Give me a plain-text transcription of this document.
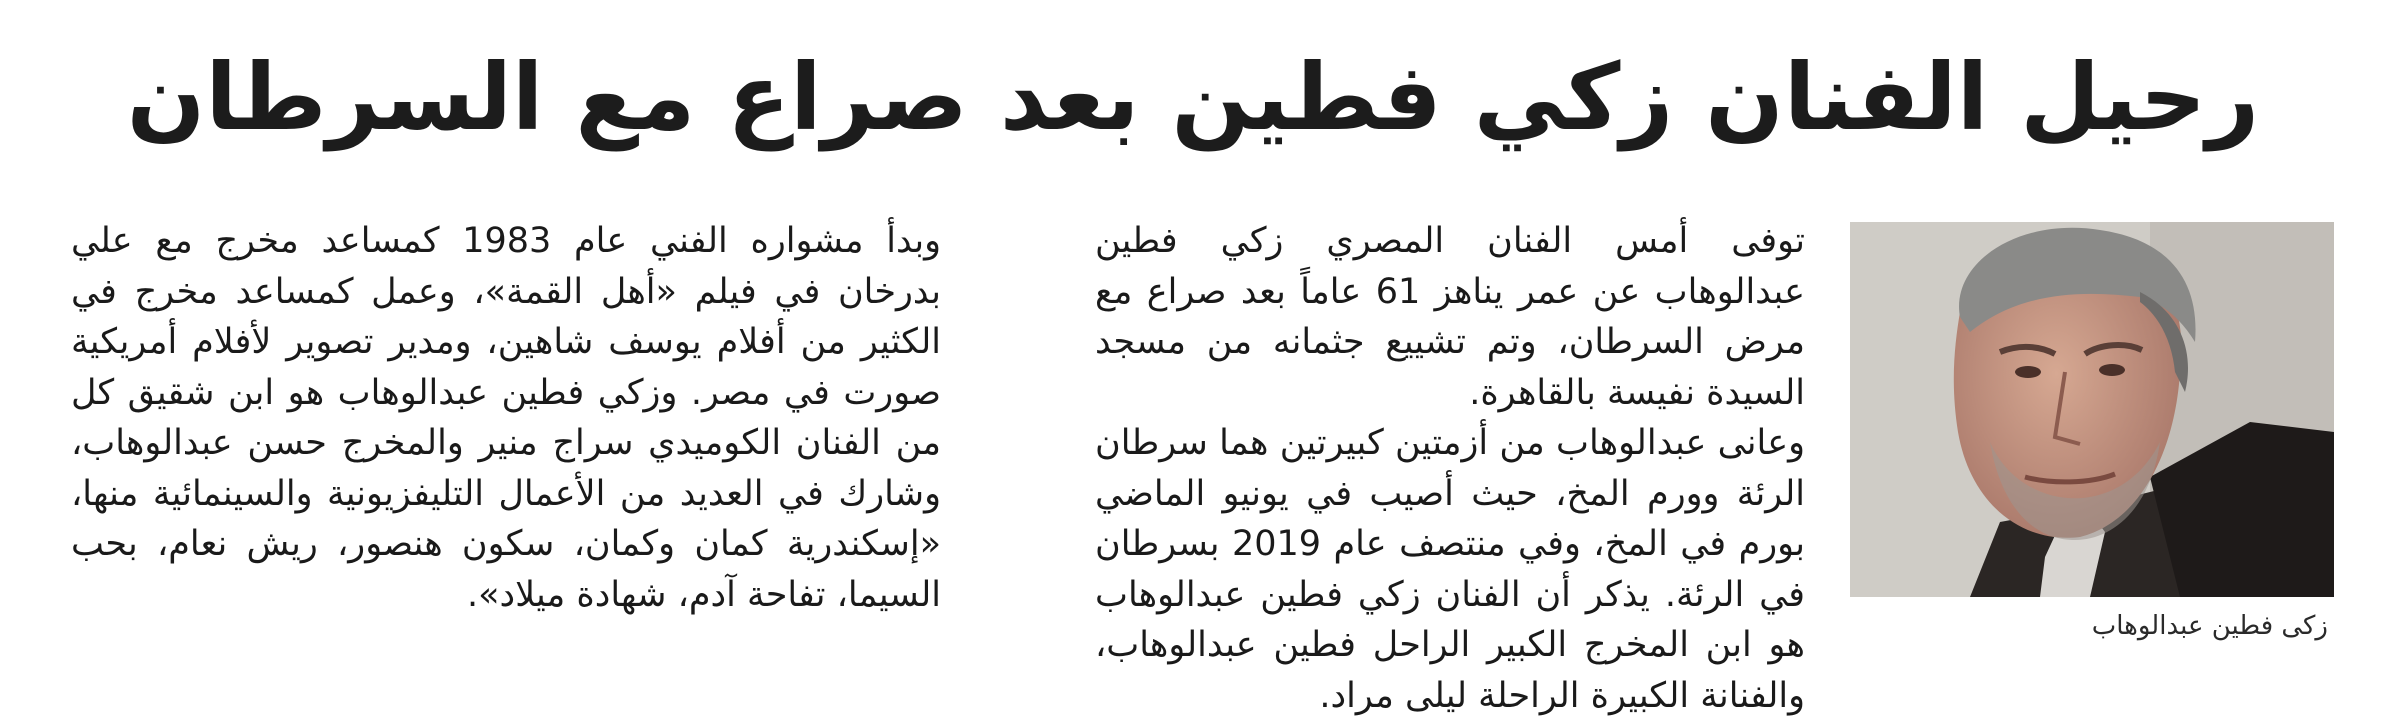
رحيل الفنان زكي فطين بعد صراع مع السرطان
زكى فطين عبدالوهاب

توفى أمس الفنان المصري زكي فطين عبدالوهاب عن عمر يناهز 61 عاماً بعد صراع مع مرض السرطان، وتم تشييع جثمانه من مسجد السيدة نفيسة بالقاهرة.

وعانى عبدالوهاب من أزمتين كبيرتين هما سرطان الرئة وورم المخ، حيث أصيب في يونيو الماضي بورم في المخ، وفي منتصف عام 2019 بسرطان في الرئة. يذكر أن الفنان زكي فطين عبدالوهاب هو ابن المخرج الكبير الراحل فطين عبدالوهاب، والفنانة الكبيرة الراحلة ليلى مراد.

وبدأ مشواره الفني عام 1983 كمساعد مخرج مع علي بدرخان في فيلم «أهل القمة»، وعمل كمساعد مخرج في الكثير من أفلام يوسف شاهين، ومدير تصوير لأفلام أمريكية صورت في مصر. وزكي فطين عبدالوهاب هو ابن شقيق كل من الفنان الكوميدي سراج منير والمخرج حسن عبدالوهاب، وشارك في العديد من الأعمال التليفزيونية والسينمائية منها، «إسكندرية كمان وكمان، سكون هنصور، ريش نعام، بحب السيما، تفاحة آدم، شهادة ميلاد».
